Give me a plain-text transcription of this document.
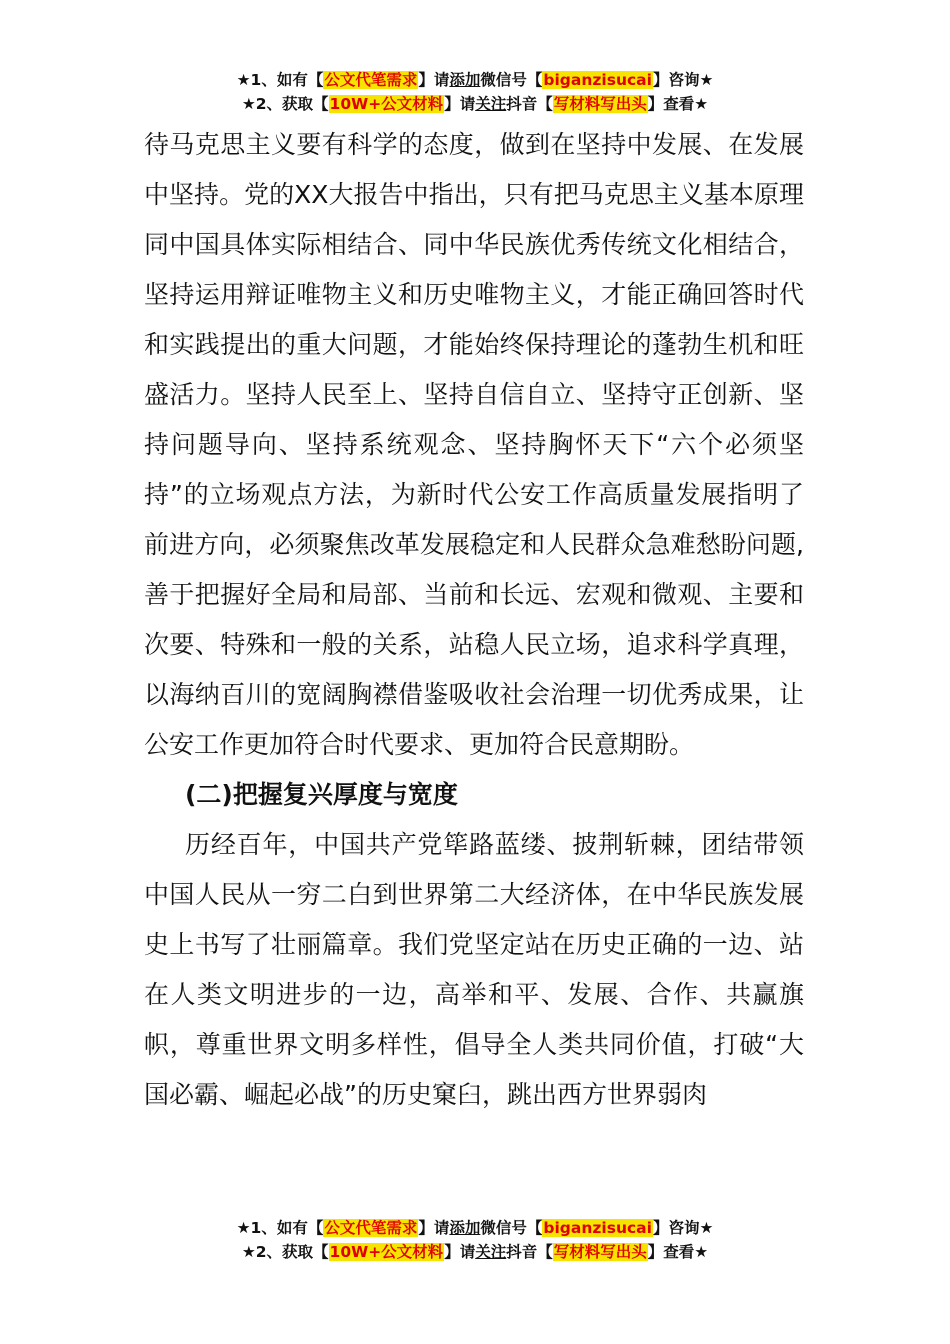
★1、如有【公文代笔需求】请添加微信号【biganzisucai】咨询★
★2、获取【10W+公文材料】请关注抖音【写材料写出头】查看★

待马克思主义要有科学的态度，做到在坚持中发展、在发展中坚持。党的XX大报告中指出，只有把马克思主义基本原理同中国具体实际相结合、同中华民族优秀传统文化相结合，坚持运用辩证唯物主义和历史唯物主义，才能正确回答时代和实践提出的重大问题，才能始终保持理论的蓬勃生机和旺盛活力。坚持人民至上、坚持自信自立、坚持守正创新、坚持问题导向、坚持系统观念、坚持胸怀天下“六个必须坚持”的立场观点方法，为新时代公安工作高质量发展指明了前进方向，必须聚焦改革发展稳定和人民群众急难愁盼问题,善于把握好全局和局部、当前和长远、宏观和微观、主要和次要、特殊和一般的关系，站稳人民立场，追求科学真理，以海纳百川的宽阔胸襟借鉴吸收社会治理一切优秀成果，让公安工作更加符合时代要求、更加符合民意期盼。

(二)把握复兴厚度与宽度

历经百年，中国共产党筚路蓝缕、披荆斩棘，团结带领中国人民从一穷二白到世界第二大经济体，在中华民族发展史上书写了壮丽篇章。我们党坚定站在历史正确的一边、站在人类文明进步的一边，高举和平、发展、合作、共赢旗帜，尊重世界文明多样性，倡导全人类共同价值，打破“大国必霸、崛起必战”的历史窠臼，跳出西方世界弱肉

★1、如有【公文代笔需求】请添加微信号【biganzisucai】咨询★
★2、获取【10W+公文材料】请关注抖音【写材料写出头】查看★
